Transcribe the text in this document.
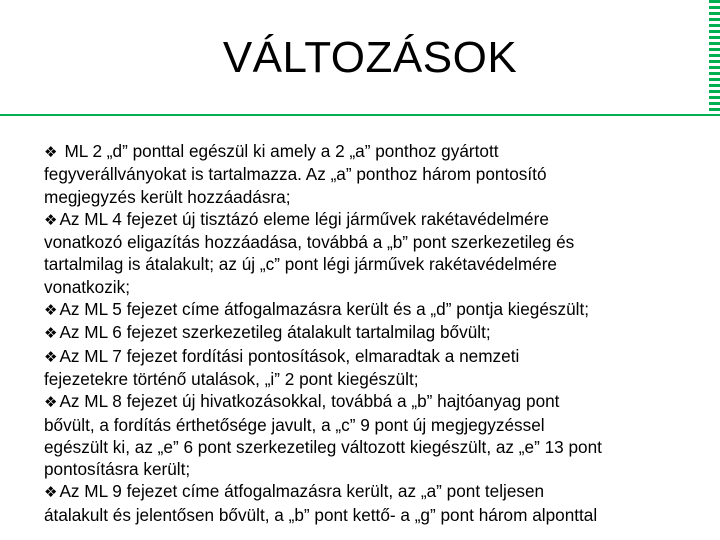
VÁLTOZÁSOK
❖ ML 2 „d” ponttal egészül ki amely a 2 „a” ponthoz gyártott
fegyverállványokat is tartalmazza. Az „a” ponthoz három pontosító
megjegyzés került hozzáadásra;
❖ Az ML 4 fejezet új tisztázó eleme légi járművek rakétavédelmére
vonatkozó eligazítás hozzáadása, továbbá a „b” pont szerkezetileg és
tartalmilag is átalakult; az új „c” pont légi járművek rakétavédelmére
vonatkozik;
❖ Az ML 5 fejezet címe átfogalmazásra került és a „d” pontja kiegészült;
❖ Az ML 6 fejezet szerkezetileg átalakult tartalmilag bővült;
❖ Az ML 7 fejezet fordítási pontosítások, elmaradtak a nemzeti
fejezetekre történő utalások, „i” 2 pont kiegészült;
❖ Az ML 8 fejezet új hivatkozásokkal, továbbá a „b” hajtóanyag pont
bővült, a fordítás érthetősége javult, a „c” 9 pont új megjegyzéssel
egészült ki, az „e” 6 pont szerkezetileg változott kiegészült, az „e” 13 pont
pontosításra került;
❖ Az ML 9 fejezet címe átfogalmazásra került, az „a” pont teljesen
átalakult és jelentősen bővült, a „b” pont kettő- a „g” pont három alponttal
